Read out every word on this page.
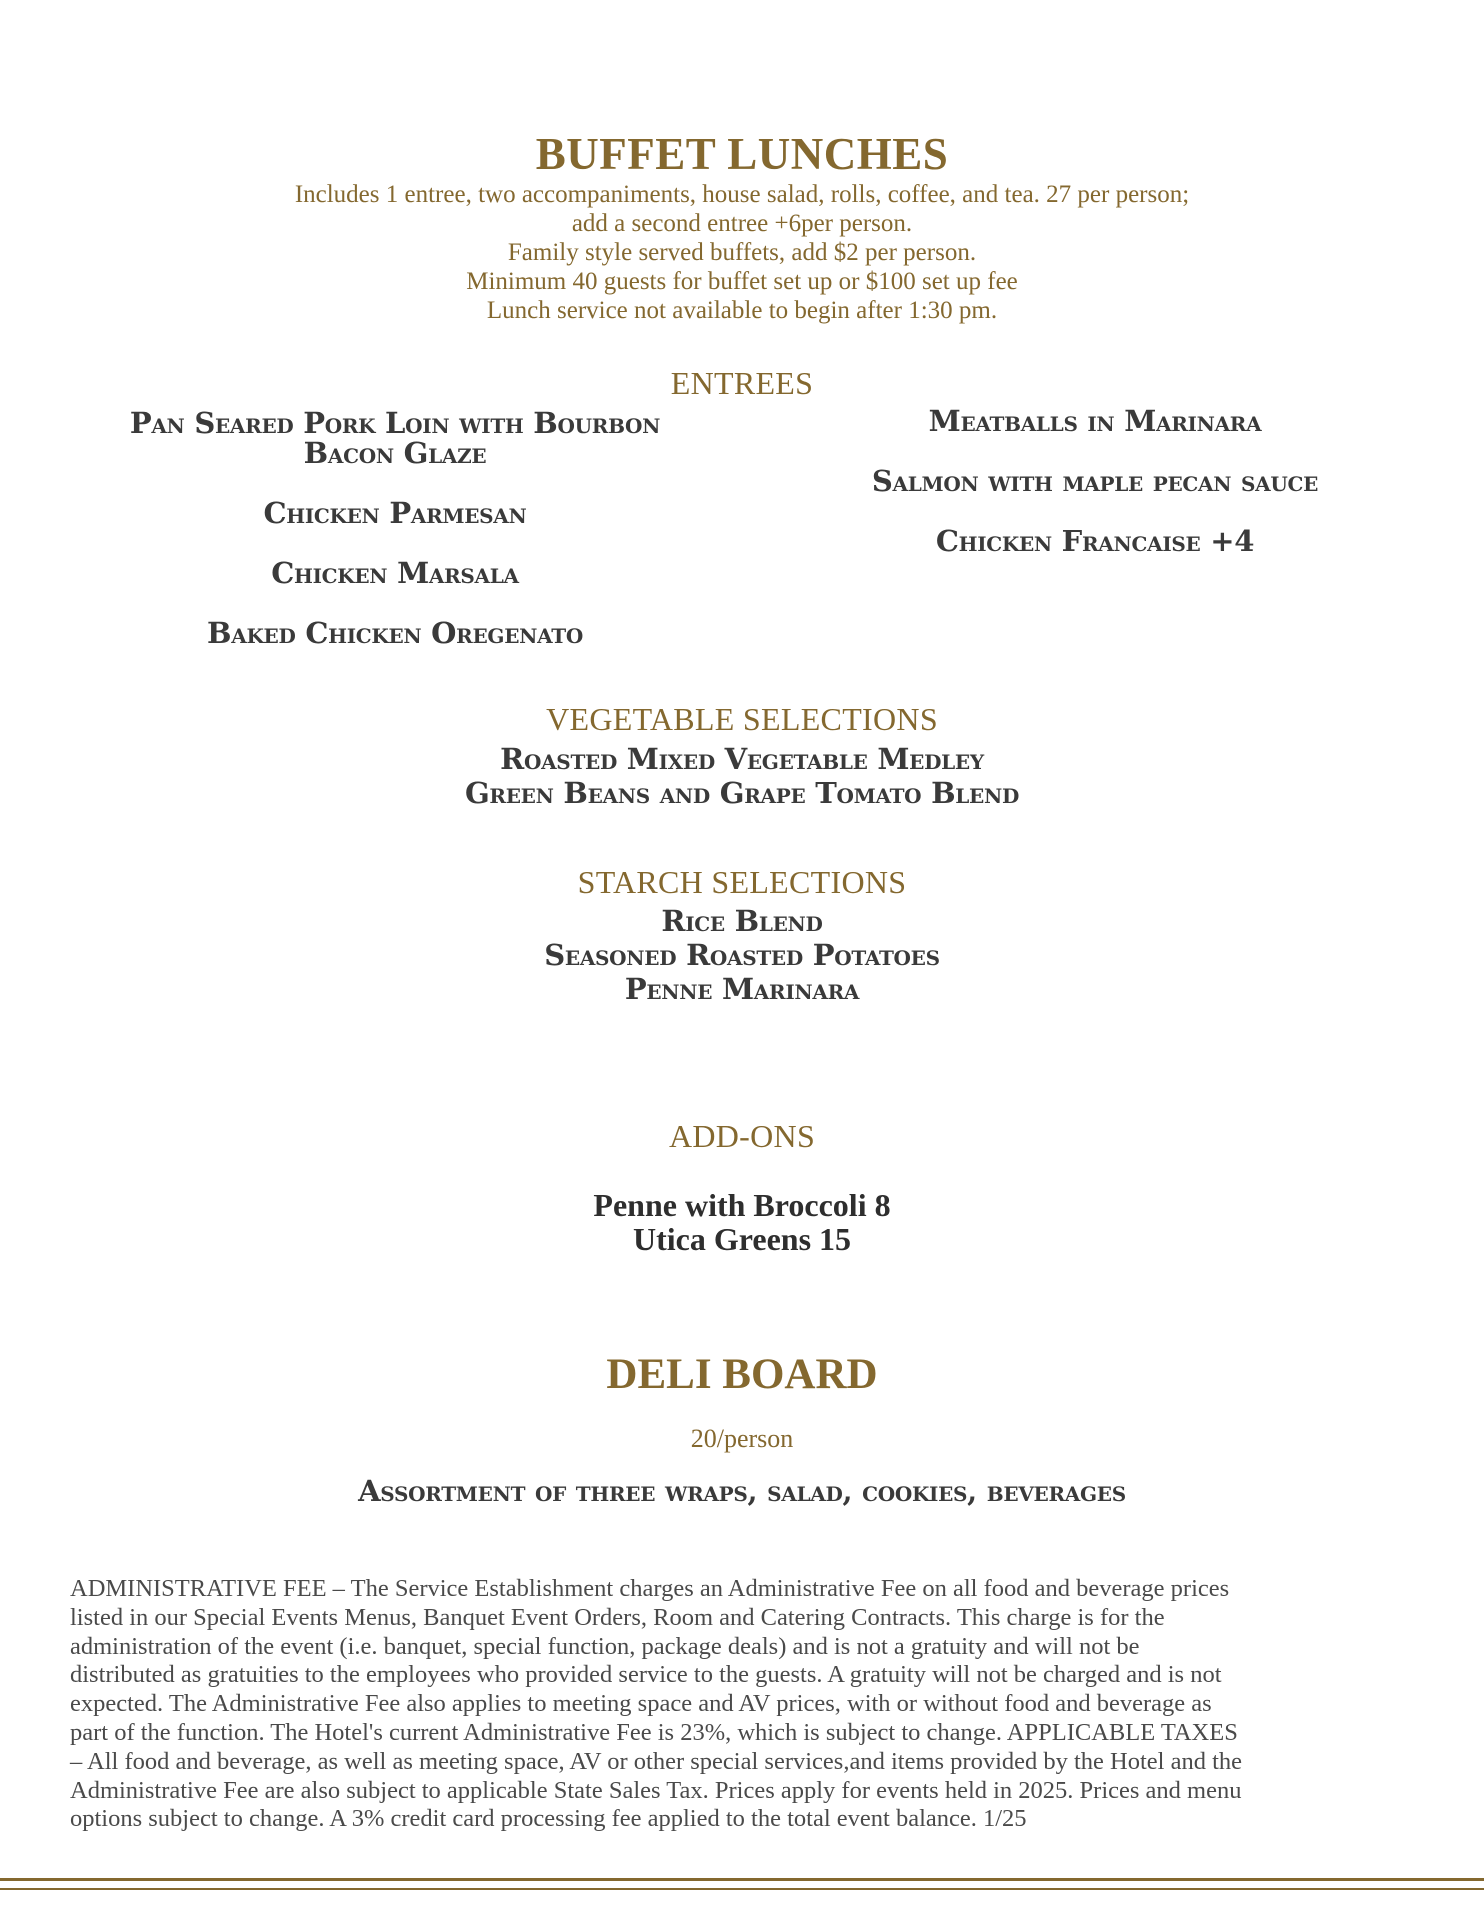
BUFFET LUNCHES
Includes 1 entree, two accompaniments, house salad, rolls, coffee, and tea. 27 per person;
add a second entree +6per person.
Family style served buffets, add $2 per person.
Minimum 40 guests for buffet set up or $100 set up fee
Lunch service not available to begin after 1:30 pm.
ENTREES
Pan Seared Pork Loin with Bourbon
Bacon Glaze
Chicken Parmesan
Chicken Marsala
Baked Chicken Oregenato
Meatballs in Marinara
Salmon with maple pecan sauce
Chicken Francaise +4
VEGETABLE SELECTIONS
Roasted Mixed Vegetable Medley
Green Beans and Grape Tomato Blend
STARCH SELECTIONS
Rice Blend
Seasoned Roasted Potatoes
Penne Marinara
ADD-ONS
Penne with Broccoli 8
Utica Greens 15
DELI BOARD
20/person
Assortment of three wraps, salad, cookies, beverages
ADMINISTRATIVE FEE – The Service Establishment charges an Administrative Fee on all food and beverage prices
listed in our Special Events Menus, Banquet Event Orders, Room and Catering Contracts. This charge is for the
administration of the event (i.e. banquet, special function, package deals) and is not a gratuity and will not be
distributed as gratuities to the employees who provided service to the guests. A gratuity will not be charged and is not
expected. The Administrative Fee also applies to meeting space and AV prices, with or without food and beverage as
part of the function. The Hotel's current Administrative Fee is 23%, which is subject to change. APPLICABLE TAXES
– All food and beverage, as well as meeting space, AV or other special services,and items provided by the Hotel and the
Administrative Fee are also subject to applicable State Sales Tax. Prices apply for events held in 2025. Prices and menu
options subject to change. A 3% credit card processing fee applied to the total event balance. 1/25
